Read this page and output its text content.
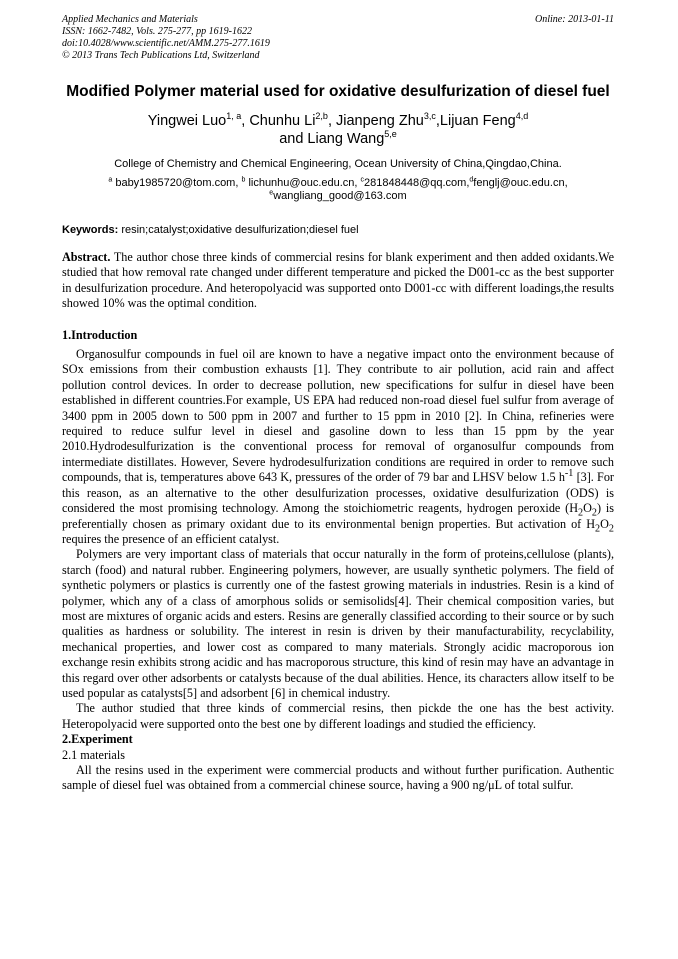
Applied Mechanics and Materials
ISSN: 1662-7482, Vols. 275-277, pp 1619-1622
doi:10.4028/www.scientific.net/AMM.275-277.1619
© 2013 Trans Tech Publications Ltd, Switzerland
Online: 2013-01-11
Modified Polymer material used for oxidative desulfurization of diesel fuel
Yingwei Luo$^{1, a}$, Chunhu Li$^{2,b}$, Jianpeng Zhu$^{3,c}$,Lijuan Feng$^{4,d}$
and Liang Wang$^{5,e}$
College of Chemistry and Chemical Engineering, Ocean University of China,Qingdao,China.
$^a$ baby1985720@tom.com, $^b$ lichunhu@ouc.edu.cn, $^c$281848448@qq.com,$^d$fenglj@ouc.edu.cn,
$^e$wangliang_good@163.com
Keywords: resin;catalyst;oxidative desulfurization;diesel fuel

Abstract. The author chose three kinds of commercial resins for blank experiment and then added oxidants.We studied that how removal rate changed under different temperature and picked the D001-cc as the best supporter in desulfurization procedure. And heteropolyacid was supported onto D001-cc with different loadings,the results showed 10% was the optimal condition.

1.Introduction

Organosulfur compounds in fuel oil are known to have a negative impact onto the environment because of SOx emissions from their combustion exhausts [1]. They contribute to air pollution, acid rain and affect pollution control devices. In order to decrease pollution, new specifications for sulfur in diesel have been established in different countries.For example, US EPA had reduced non-road diesel fuel sulfur from average of 3400 ppm in 2005 down to 500 ppm in 2007 and further to 15 ppm in 2010 [2]. In China, refineries were required to reduce sulfur level in diesel and gasoline down to less than 15 ppm by the year 2010.Hydrodesulfurization is the conventional process for removal of organosulfur compounds from intermediate distillates. However, Severe hydrodesulfurization conditions are required in order to remove such compounds, that is, temperatures above 643 K, pressures of the order of 79 bar and LHSV below 1.5 $h^{-1}$ [3]. For this reason, as an alternative to the other desulfurization processes, oxidative desulfurization (ODS) is considered the most promising technology. Among the stoichiometric reagents, hydrogen peroxide $(H_2O_2)$ is preferentially chosen as primary oxidant due to its environmental benign properties. But activation of $H_2O_2$ requires the presence of an efficient catalyst.

Polymers are very important class of materials that occur naturally in the form of proteins,cellulose (plants), starch (food) and natural rubber. Engineering polymers, however, are usually synthetic polymers. The field of synthetic polymers or plastics is currently one of the fastest growing materials in industries. Resin is a kind of polymer, which any of a class of amorphous solids or semisolids[4]. Their chemical composition varies, but most are mixtures of organic acids and esters. Resins are generally classified according to their source or by such qualities as hardness or solubility. The interest in resin is driven by their manufacturability, recyclability, mechanical properties, and lower cost as compared to many materials. Strongly acidic macroporous ion exchange resin exhibits strong acidic and has macroporous structure, this kind of resin may have an advantage in this regard over other adsorbents or catalysts because of the dual abilities. Hence, its characters allow itself to be used popular as catalysts[5] and adsorbent [6] in chemical industry.

The author studied that three kinds of commercial resins, then pickde the one has the best activity. Heteropolyacid were supported onto the best one by different loadings and studied the efficiency.

2.Experiment
2.1 materials

All the resins used in the experiment were commercial products and without further purification. Authentic sample of diesel fuel was obtained from a commercial chinese source, having a 900 ng/μL of total sulfur.
